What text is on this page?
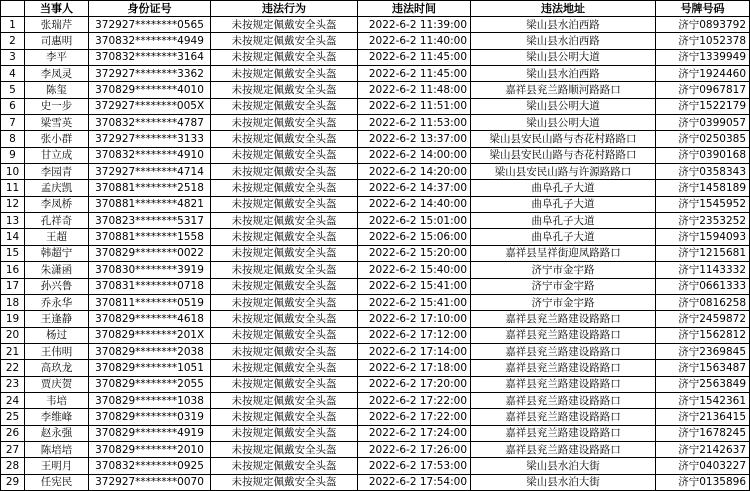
	当事人	身份证号	违法行为	违法时间	违法地址	号牌号码
1	张瑞芹	372927********0565	未按规定佩戴安全头盔	2022-6-2 11:39:00	梁山县水泊西路	济宁0893792
2	司惠明	370832********4949	未按规定佩戴安全头盔	2022-6-2 11:40:00	梁山县水泊西路	济宁1052378
3	李平	370832********3164	未按规定佩戴安全头盔	2022-6-2 11:45:00	梁山县公明大道	济宁1339949
4	李凤灵	372927********3362	未按规定佩戴安全头盔	2022-6-2 11:45:00	梁山县水泊西路	济宁1924460
5	陈玺	370829********4010	未按规定佩戴安全头盔	2022-6-2 11:48:00	嘉祥县兖兰路顺河路路口	济宁0967817
6	史一步	372927********005X	未按规定佩戴安全头盔	2022-6-2 11:51:00	梁山县公明大道	济宁1522179
7	梁雪英	370832********4787	未按规定佩戴安全头盔	2022-6-2 11:53:00	梁山县公明大道	济宁0399057
8	张小群	372927********3133	未按规定佩戴安全头盔	2022-6-2 13:37:00	梁山县安民山路与杏花村路路口	济宁0250385
9	甘立成	370832********4910	未按规定佩戴安全头盔	2022-6-2 14:00:00	梁山县安民山路与杏花村路路口	济宁0390168
10	李园青	372927********4714	未按规定佩戴安全头盔	2022-6-2 14:20:00	梁山县安民山路与许源路路口	济宁0358343
11	孟庆凯	370881********2518	未按规定佩戴安全头盔	2022-6-2 14:37:00	曲阜孔子大道	济宁1458189
12	李凤桥	370881********4821	未按规定佩戴安全头盔	2022-6-2 14:40:00	曲阜孔子大道	济宁1545952
13	孔祥奇	370823********5317	未按规定佩戴安全头盔	2022-6-2 15:01:00	曲阜孔子大道	济宁2353252
14	王超	370881********1558	未按规定佩戴安全头盔	2022-6-2 15:06:00	曲阜孔子大道	济宁1594093
15	韩超宁	370829********0022	未按规定佩戴安全头盔	2022-6-2 15:20:00	嘉祥县呈祥街迎凤路路口	济宁1215681
16	朱潇函	370830********3919	未按规定佩戴安全头盔	2022-6-2 15:40:00	济宁市金宇路	济宁1143332
17	孙兴鲁	370831********0718	未按规定佩戴安全头盔	2022-6-2 15:41:00	济宁市金宇路	济宁0661333
18	乔永华	370811********0519	未按规定佩戴安全头盔	2022-6-2 15:41:00	济宁市金宇路	济宁0816258
19	王逢静	370829********4618	未按规定佩戴安全头盔	2022-6-2 17:10:00	嘉祥县兖兰路建设路路口	济宁2459872
20	杨过	370829********201X	未按规定佩戴安全头盔	2022-6-2 17:12:00	嘉祥县兖兰路建设路路口	济宁1562812
21	王伟明	370829********2038	未按规定佩戴安全头盔	2022-6-2 17:14:00	嘉祥县兖兰路建设路路口	济宁2369845
22	高玖龙	370829********1051	未按规定佩戴安全头盔	2022-6-2 17:18:00	嘉祥县兖兰路建设路路口	济宁1563487
23	贾庆贺	370829********2055	未按规定佩戴安全头盔	2022-6-2 17:20:00	嘉祥县兖兰路建设路路口	济宁2563849
24	韦培	370829********1038	未按规定佩戴安全头盔	2022-6-2 17:22:00	嘉祥县兖兰路建设路路口	济宁1542361
25	李维峰	370829********0319	未按规定佩戴安全头盔	2022-6-2 17:22:00	嘉祥县兖兰路建设路路口	济宁2136415
26	赵永强	370829********4919	未按规定佩戴安全头盔	2022-6-2 17:24:00	嘉祥县兖兰路建设路路口	济宁1678245
27	陈培培	370829********2010	未按规定佩戴安全头盔	2022-6-2 17:26:00	嘉祥县兖兰路建设路路口	济宁2142637
28	王明月	370832********0925	未按规定佩戴安全头盔	2022-6-2 17:53:00	梁山县水泊大街	济宁0403227
29	任宪民	372927********0070	未按规定佩戴安全头盔	2022-6-2 17:54:00	梁山县水泊大街	济宁0135896
